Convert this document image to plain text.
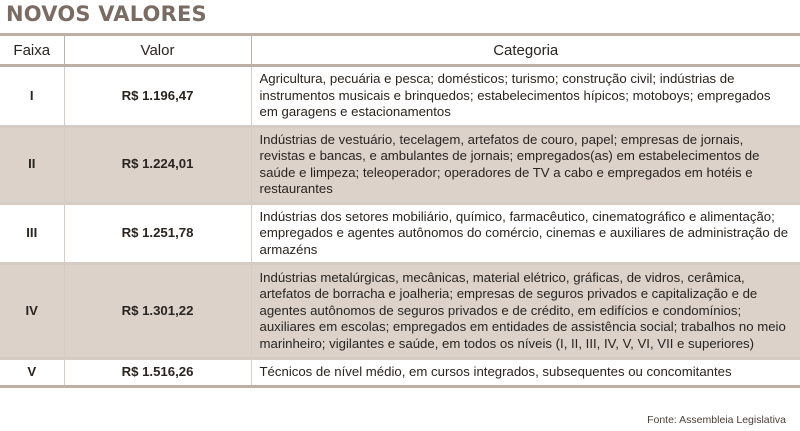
NOVOS VALORES
Faixa	Valor	Categoria
I	R$ 1.196,47	Agricultura, pecuária e pesca; domésticos; turismo; construção civil; indústrias de instrumentos musicais e brinquedos; estabelecimentos hípicos; motoboys; empregados em garagens e estacionamentos
II	R$ 1.224,01	Indústrias de vestuário, tecelagem, artefatos de couro, papel; empresas de jornais, revistas e bancas, e ambulantes de jornais; empregados(as) em estabelecimentos de saúde e limpeza; teleoperador; operadores de TV a cabo e empregados em hotéis e restaurantes
III	R$ 1.251,78	Indústrias dos setores mobiliário, químico, farmacêutico, cinematográfico e alimentação; empregados e agentes autônomos do comércio, cinemas e auxiliares de administração de armazéns
IV	R$ 1.301,22	Indústrias metalúrgicas, mecânicas, material elétrico, gráficas, de vidros, cerâmica, artefatos de borracha e joalheria; empresas de seguros privados e capitalização e de agentes autônomos de seguros privados e de crédito, em edifícios e condomínios; auxiliares em escolas; empregados em entidades de assistência social; trabalhos no meio marinheiro; vigilantes e saúde, em todos os níveis (I, II, III, IV, V, VI, VII e superiores)
V	R$ 1.516,26	Técnicos de nível médio, em cursos integrados, subsequentes ou concomitantes
Fonte: Assembleia Legislativa
